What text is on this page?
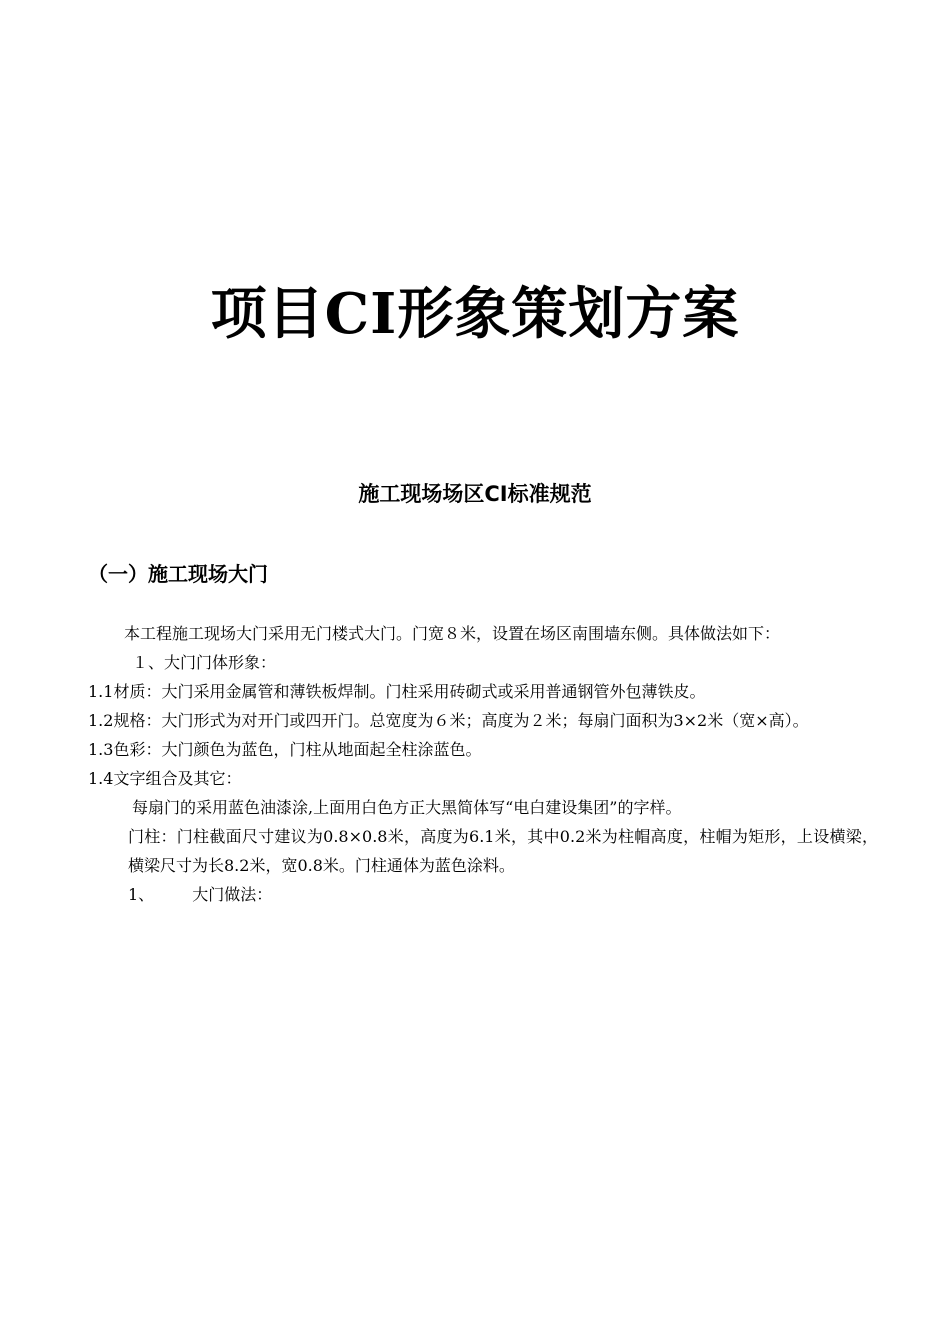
项目CI形象策划方案
施工现场场区CI标准规范
（一）施工现场大门

本工程施工现场大门采用无门楼式大门。门宽８米，设置在场区南围墙东侧。具体做法如下：

１、大门门体形象：

1.1材质：大门采用金属管和薄铁板焊制。门柱采用砖砌式或采用普通钢管外包薄铁皮。

1.2规格：大门形式为对开门或四开门。总宽度为６米；高度为２米；每扇门面积为3×2米（宽×高）。

1.3色彩：大门颜色为蓝色，门柱从地面起全柱涂蓝色。

1.4文字组合及其它：

每扇门的采用蓝色油漆涂,上面用白色方正大黑简体写“电白建设集团”的字样。

门柱：门柱截面尺寸建议为0.8×0.8米，高度为6.1米，其中0.2米为柱帽高度，柱帽为矩形，上设横梁，横梁尺寸为长8.2米，宽0.8米。门柱通体为蓝色涂料。

1、 大门做法：
